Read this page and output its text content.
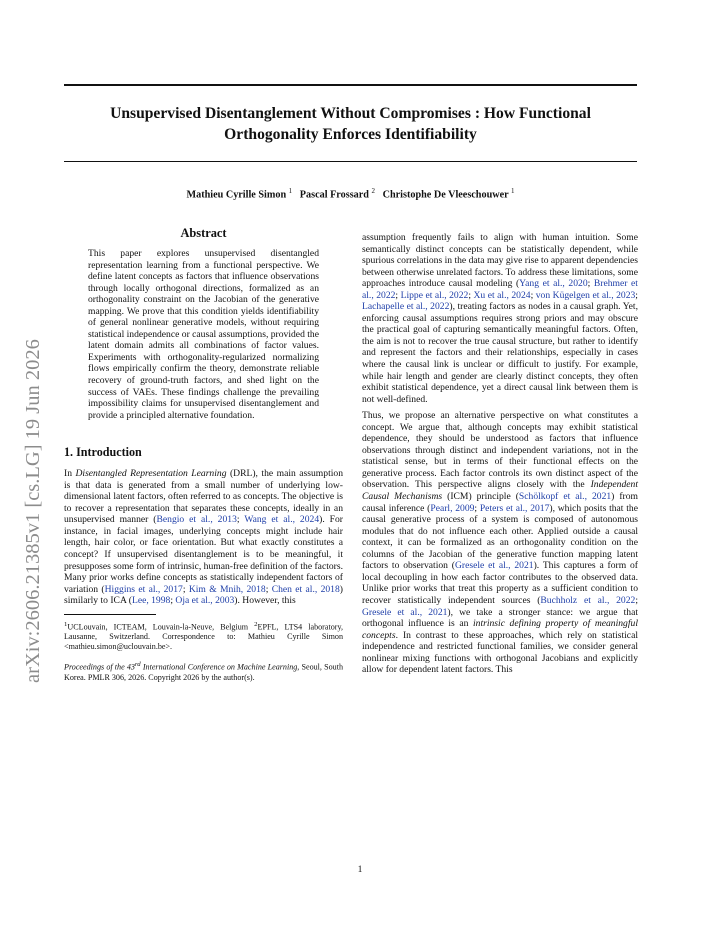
Unsupervised Disentanglement Without Compromises : How Functional Orthogonality Enforces Identifiability
Mathieu Cyrille Simon $^1$ Pascal Frossard $^2$ Christophe De Vleeschouwer $^1$
arXiv:2606.21385v1 [cs.LG] 19 Jun 2026
Abstract

This paper explores unsupervised disentangled representation learning from a functional perspective. We define latent concepts as factors that influence observations through locally orthogonal directions, formalized as an orthogonality constraint on the Jacobian of the generative mapping. We prove that this condition yields identifiability of general nonlinear generative models, without requiring statistical independence or causal assumptions, provided the latent domain admits all combinations of factor values. Experiments with orthogonality-regularized normalizing flows empirically confirm the theory, demonstrate reliable recovery of ground-truth factors, and shed light on the success of VAEs. These findings challenge the prevailing impossibility claims for unsupervised disentanglement and provide a principled alternative foundation.

1. Introduction

In Disentangled Representation Learning (DRL), the main assumption is that data is generated from a small number of underlying low-dimensional latent factors, often referred to as concepts. The objective is to recover a representation that separates these concepts, ideally in an unsupervised manner (Bengio et al., 2013; Wang et al., 2024). For instance, in facial images, underlying concepts might include hair length, hair color, or face orientation. But what exactly constitutes a concept? If unsupervised disentanglement is to be meaningful, it presupposes some form of intrinsic, human-free definition of the factors. Many prior works define concepts as statistically independent factors of variation (Higgins et al., 2017; Kim & Mnih, 2018; Chen et al., 2018) similarly to ICA (Lee, 1998; Oja et al., 2003). However, this

$^1$UCLouvain, ICTEAM, Louvain-la-Neuve, Belgium $^2$EPFL, LTS4 laboratory, Lausanne, Switzerland. Correspondence to: Mathieu Cyrille Simon <mathieu.simon@uclouvain.be>.

Proceedings of the 43rd International Conference on Machine Learning, Seoul, South Korea. PMLR 306, 2026. Copyright 2026 by the author(s).

assumption frequently fails to align with human intuition. Some semantically distinct concepts can be statistically dependent, while spurious correlations in the data may give rise to apparent dependencies between otherwise unrelated factors. To address these limitations, some approaches introduce causal modeling (Yang et al., 2020; Brehmer et al., 2022; Lippe et al., 2022; Xu et al., 2024; von Kügelgen et al., 2023; Lachapelle et al., 2022), treating factors as nodes in a causal graph. Yet, enforcing causal assumptions requires strong priors and may obscure the practical goal of capturing semantically meaningful factors. Often, the aim is not to recover the true causal structure, but rather to identify and represent the factors and their relationships, especially in cases where the causal link is unclear or difficult to justify. For example, while hair length and gender are clearly distinct concepts, they often exhibit statistical dependence, yet a direct causal link between them is not well-defined.

Thus, we propose an alternative perspective on what constitutes a concept. We argue that, although concepts may exhibit statistical dependence, they should be understood as factors that influence observations through distinct and independent variations, not in the statistical sense, but in terms of their functional effects on the generative process. Each factor controls its own distinct aspect of the observation. This perspective aligns closely with the Independent Causal Mechanisms (ICM) principle (Schölkopf et al., 2021) from causal inference (Pearl, 2009; Peters et al., 2017), which posits that the causal generative process of a system is composed of autonomous modules that do not influence each other. Applied outside a causal context, it can be formalized as an orthogonality condition on the columns of the Jacobian of the generative function mapping latent factors to observation (Gresele et al., 2021). This captures a form of local decoupling in how each factor contributes to the observed data. Unlike prior works that treat this property as a sufficient condition to recover statistically independent sources (Buchholz et al., 2022; Gresele et al., 2021), we take a stronger stance: we argue that orthogonal influence is an intrinsic defining property of meaningful concepts. In contrast to these approaches, which rely on statistical independence and restricted functional families, we consider general nonlinear mixing functions with orthogonal Jacobians and explicitly allow for dependent latent factors. This

1
